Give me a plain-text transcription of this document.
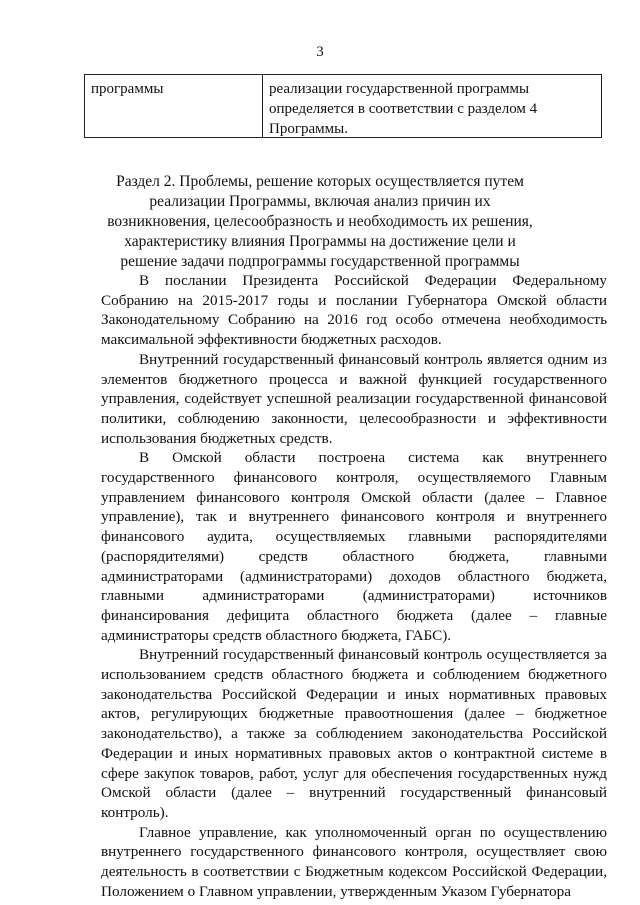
3
программы	реализации государственной программы определяется в соответствии с разделом 4 Программы.
Раздел 2. Проблемы, решение которых осуществляется путем
реализации Программы, включая анализ причин их
возникновения, целесообразность и необходимость их решения,
характеристику влияния Программы на достижение цели и
решение задачи подпрограммы государственной программы

В послании Президента Российской Федерации Федеральному Собранию на 2015-2017 годы и послании Губернатора Омской области Законодательному Собранию на 2016 год особо отмечена необходимость максимальной эффективности бюджетных расходов.

Внутренний государственный финансовый контроль является одним из элементов бюджетного процесса и важной функцией государственного управления, содействует успешной реализации государственной финансовой политики, соблюдению законности, целесообразности и эффективности использования бюджетных средств.

В Омской области построена система как внутреннего государственного финансового контроля, осуществляемого Главным управлением финансового контроля Омской области (далее – Главное управление), так и внутреннего финансового контроля и внутреннего финансового аудита, осуществляемых главными распорядителями (распорядителями) средств областного бюджета, главными администраторами (администраторами) доходов областного бюджета, главными администраторами (администраторами) источников финансирования дефицита областного бюджета (далее – главные администраторы средств областного бюджета, ГАБС).

Внутренний государственный финансовый контроль осуществляется за использованием средств областного бюджета и соблюдением бюджетного законодательства Российской Федерации и иных нормативных правовых актов, регулирующих бюджетные правоотношения (далее – бюджетное законодательство), а также за соблюдением законодательства Российской Федерации и иных нормативных правовых актов о контрактной системе в сфере закупок товаров, работ, услуг для обеспечения государственных нужд Омской области (далее – внутренний государственный финансовый контроль).

Главное управление, как уполномоченный орган по осуществлению внутреннего государственного финансового контроля, осуществляет свою деятельность в соответствии с Бюджетным кодексом Российской Федерации, Положением о Главном управлении, утвержденным Указом Губернатора
